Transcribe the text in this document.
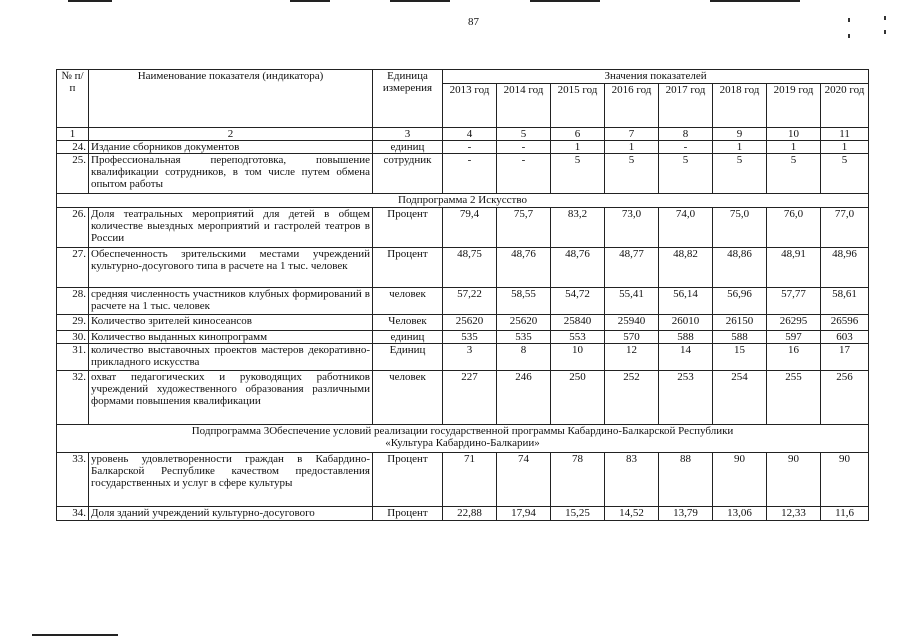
87
№ п/п	Наименование показателя (индикатора)	Единица измерения	Значения показателей							
			2013 год	2014 год	2015 год	2016 год	2017 год	2018 год	2019 год	2020 год
1	2	3	4	5	6	7	8	9	10	11
24.	Издание сборников документов	единиц	-	-	1	1	-	1	1	1
25.	Профессиональная переподготовка, повышение квалификации сотрудников, в том числе путем обмена опытом работы	сотрудник	-	-	5	5	5	5	5	5
Подпрограмма 2 Искусство										
26.	Доля театральных мероприятий для детей в общем количестве выездных мероприятий и гастролей театров в России	Процент	79,4	75,7	83,2	73,0	74,0	75,0	76,0	77,0
27.	Обеспеченность зрительскими местами учреждений культурно-досугового типа в расчете на 1 тыс. человек	Процент	48,75	48,76	48,76	48,77	48,82	48,86	48,91	48,96
28.	средняя численность участников клубных формирований в расчете на 1 тыс. человек	человек	57,22	58,55	54,72	55,41	56,14	56,96	57,77	58,61
29.	Количество зрителей киносеансов	Человек	25620	25620	25840	25940	26010	26150	26295	26596
30.	Количество выданных кинопрограмм	единиц	535	535	553	570	588	588	597	603
31.	количество выставочных проектов мастеров декоративно-прикладного искусства	Единиц	3	8	10	12	14	15	16	17
32.	охват педагогических и руководящих работников учреждений художественного образования различными формами повышения квалификации	человек	227	246	250	252	253	254	255	256

Подпрограмма 3Обеспечение условий реализации государственной программы Кабардино-Балкарской Республики
«Культура Кабардино-Балкарии»										

33.	уровень удовлетворенности граждан в Кабардино-Балкарской Республике качеством предоставления государственных и услуг в сфере культуры	Процент	71	74	78	83	88	90	90	90
34.	Доля зданий учреждений культурно-досугового	Процент	22,88	17,94	15,25	14,52	13,79	13,06	12,33	11,6
